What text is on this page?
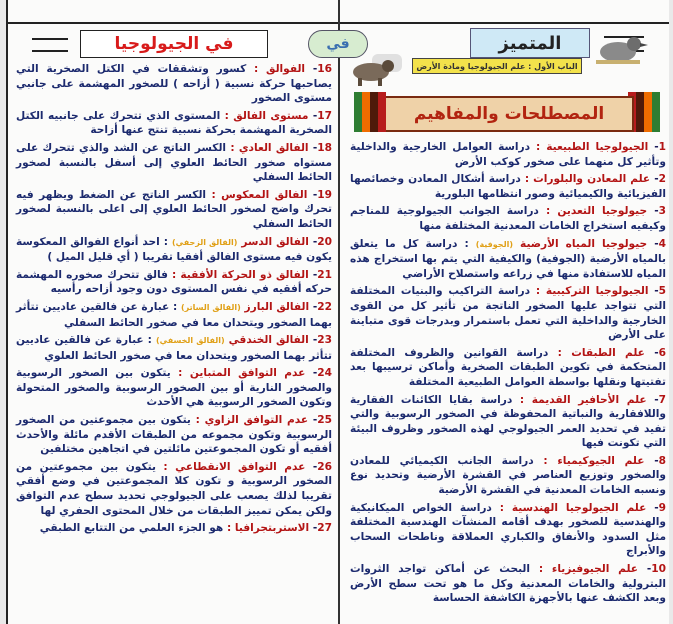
في الجيولوجيا	في	المتميز
الباب الأول : علم الجيولوجيا ومادة الأرض
المصطلحات والمفاهيم
16- الفوالق : كسور وتشققات في الكتل الصخرية التي يصاحبها حركة نسبية ( أزاحه ) للصخور المهشمة على جانبي مستوى الصخور
17- مستوى الفالق : المستوى الذي تتحرك على جانبيه الكتل الصخرية المهشمة بحركة نسبية تنتج عنها أزاحة
18- الفالق العادي : الكسر الناتج عن الشد والذي تتحرك على مستواه صخور الحائط العلوي إلى أسفل بالنسبة لصخور الحائط السفلي
19- الفالق المعكوس : الكسر الناتج عن الضغط ويظهر فيه تحرك واضح لصخور الحائط العلوي إلى اعلى بالنسبة لصخور الحائط السفلي
20- الفالق الدسر (الفالق الزحفي) : احد أنواع الفوالق المعكوسة يكون فيه مستوى الفالق أفقيا تقريبا ( أي قليل الميل )
21- الفالق ذو الحركة الأفقية : فالق تتحرك صخوره المهشمة حركه أفقيه في نفس المستوى دون وجود أزاحه رأسيه
22- الفالق البارز (الفالق الساتر) : عبارة عن فالقين عاديين تتأثر بهما الصخور ويتحدان معا في صخور الحائط السفلي
23- الفالق الخندقي (الفالق الخسفي) : عبارة عن فالقين عاديين تتأثر بهما الصخور ويتحدان معا في صخور الحائط العلوي
24- عدم التوافق المتباين : يتكون بين الصخور الرسوبية والصخور النارية أو بين الصخور الرسوبية والصخور المتحولة وتكون الصخور الرسوبية هي الأحدث
25- عدم التوافق الزاوي : يتكون بين مجموعتين من الصخور الرسوبية وتكون مجموعه من الطبقات الأقدم مائلة والأحدث أفقيه أو تكون المجموعتين مائلتين في اتجاهين مختلفين
26- عدم التوافق الانقطاعي : يتكون بين مجموعتين من الصخور الرسوبية و تكون كلا المجموعتين في وضع أفقي تقريبا لذلك يصعب على الجيولوجي تحديد سطح عدم التوافق ولكن يمكن تمييز الطبقات من خلال المحتوى الحفري لها
27- الاستربتجرافيا : هو الجزء العلمي من التتابع الطبقي
1- الجيولوجيا الطبيعية : دراسة العوامل الخارجية والداخلية وتأثير كل منهما على صخور كوكب الأرض
2- علم المعادن والبلورات : دراسة أشكال المعادن وخصائصها الفيزيائية والكيميائية وصور انتظامها البلورية
3- جيولوجيا التعدين : دراسة الجوانب الجيولوجية للمناجم وكيفيه استخراج الخامات المعدنية المختلفة منها
4- جيولوجيا المياه الأرضية (الجوفية) : دراسة كل ما يتعلق بالمياه الأرضية (الجوفية) والكيفية التي يتم بها استخراج هذه المياه للاستفادة منها في زراعه واستصلاح الأراضي
5- الجيولوجيا التركيبية : دراسة التراكيب والبنيات المختلفة التي تتواجد عليها الصخور الناتجة من تأثير كل من القوى الخارجية والداخلية التي تعمل باستمرار وبدرجات قوى متباينة على الأرض
6- علم الطبقات : دراسة القوانين والظروف المختلفة المتحكمة في تكوين الطبقات الصخرية وأماكن ترسيبها بعد تفتيتها ونقلها بواسطة العوامل الطبيعية المختلفة
7- علم الأحافير القديمة : دراسة بقايا الكائنات الفقارية واللافقارية والنباتية المحفوظة في الصخور الرسوبية والتي تفيد في تحديد العمر الجيولوجي لهذه الصخور وظروف البيئة التي تكونت فيها
8- علم الجيوكيمياء : دراسة الجانب الكيميائي للمعادن والصخور وتوزيع العناصر في القشرة الأرضية وتحديد نوع ونسبه الخامات المعدنية في القشرة الأرضية
9- علم الجيولوجيا الهندسية : دراسة الخواص الميكانيكية والهندسية للصخور بهدف أقامه المنشآت الهندسية المختلفة مثل السدود والأنفاق والكباري العملاقة وناطحات السحاب والأبراج
10- علم الجيوفيزياء : البحث عن أماكن تواجد الثروات البترولية والخامات المعدنية وكل ما هو تحت سطح الأرض وبعد الكشف عنها بالأجهزة الكاشفة الحساسة
